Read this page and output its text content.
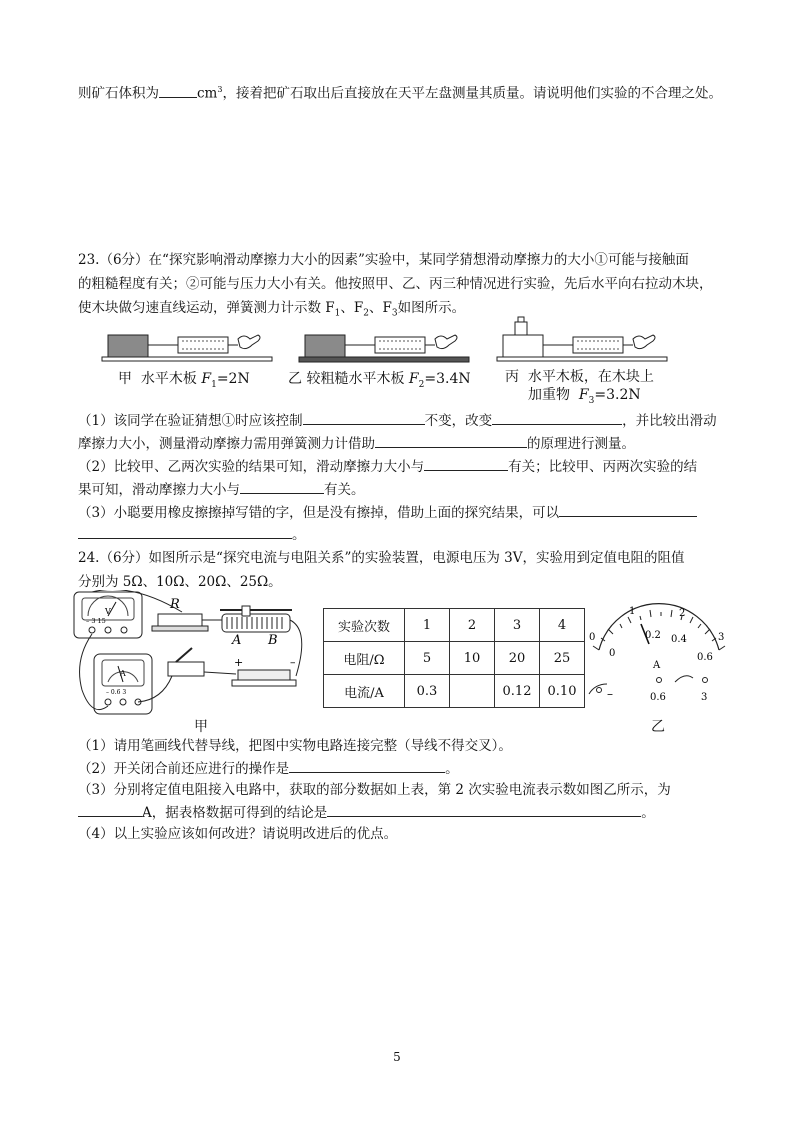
则矿石体积为	$cm^3$，接着把矿石取出后直接放在天平左盘测量其质量。请说明他们实验的不合理之处。
23.（6分）在“探究影响滑动摩擦力大小的因素”实验中，某同学猜想滑动摩擦力的大小①可能与接触面
的粗糙程度有关；②可能与压力大小有关。他按照甲、乙、丙三种情况进行实验，先后水平向右拉动木块，
使木块做匀速直线运动，弹簧测力计示数 $F_1$、$F_2$、$F_3$如图所示。
甲 水平木板 $F_1=2N$	乙 较粗糙水平木板 $F_2=3.4N$ 丙 水平木板，在木块上
加重物 $F_3=3.2N$
（1）该同学在验证猜想①时应该控制	不变，改变	，并比较出滑动
摩擦力大小，测量滑动摩擦力需用弹簧测力计借助	的原理进行测量。
（2）比较甲、乙两次实验的结果可知，滑动摩擦力大小与	有关；比较甲、丙两次实验的结
果可知，滑动摩擦力大小与	有关。
（3）小聪要用橡皮擦擦掉写错的字，但是没有擦掉，借助上面的探究结果，可以
。
24.（6分）如图所示是“探究电流与电阻关系”的实验装置，电源电压为 3V，实验用到定值电阻的阻值
分别为 5Ω、10Ω、20Ω、25Ω。
V
– 3 15
R
A B
A
– 0.6 3
+	–
甲
实验次数	1	2	3	4
电阻/Ω	5	10	20	25
电流/A	0.3		0.12	0.10
1	2
3
0
0
0.2 0.4
0.6
A
–	0.6	3
乙
（1）请用笔画线代替导线，把图中实物电路连接完整（导线不得交叉）。
（2）开关闭合前还应进行的操作是	。
（3）分别将定值电阻接入电路中，获取的部分数据如上表，第 2 次实验电流表示数如图乙所示，为
A，据表格数据可得到的结论是	。
（4）以上实验应该如何改进？请说明改进后的优点。
5
